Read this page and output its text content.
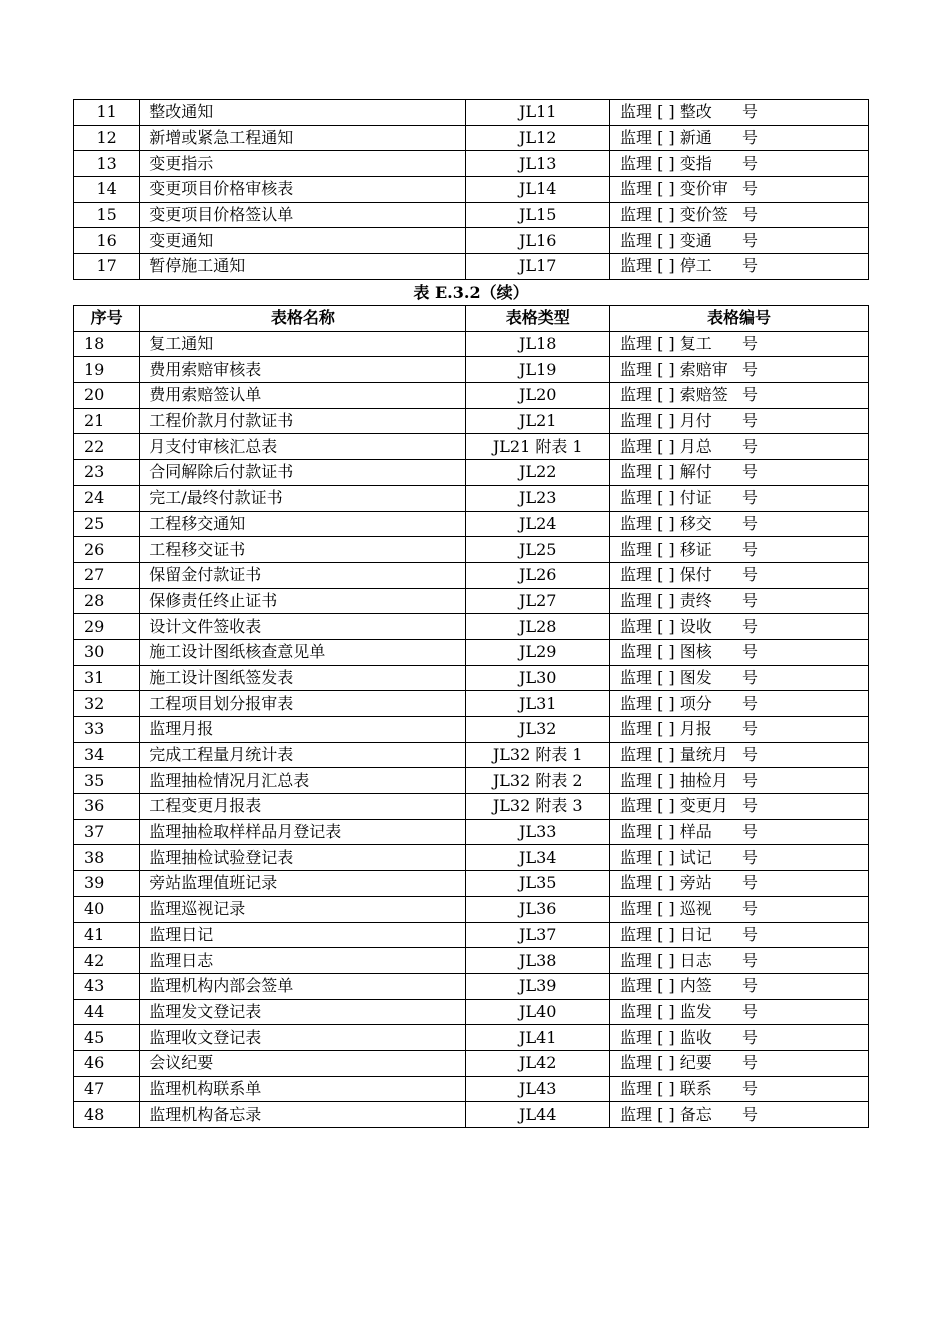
11	整改通知	JL11	监理 [ ] 整改 号
12	新增或紧急工程通知	JL12	监理 [ ] 新通 号
13	变更指示	JL13	监理 [ ] 变指 号
14	变更项目价格审核表	JL14	监理 [ ] 变价审 号
15	变更项目价格签认单	JL15	监理 [ ] 变价签 号
16	变更通知	JL16	监理 [ ] 变通 号
17	暂停施工通知	JL17	监理 [ ] 停工 号
表 E.3.2（续）
序号	表格名称	表格类型	表格编号
18	复工通知	JL18	监理 [ ] 复工 号
19	费用索赔审核表	JL19	监理 [ ] 索赔审 号
20	费用索赔签认单	JL20	监理 [ ] 索赔签 号
21	工程价款月付款证书	JL21	监理 [ ] 月付 号
22	月支付审核汇总表	JL21 附表 1	监理 [ ] 月总 号
23	合同解除后付款证书	JL22	监理 [ ] 解付 号
24	完工/最终付款证书	JL23	监理 [ ] 付证 号
25	工程移交通知	JL24	监理 [ ] 移交 号
26	工程移交证书	JL25	监理 [ ] 移证 号
27	保留金付款证书	JL26	监理 [ ] 保付 号
28	保修责任终止证书	JL27	监理 [ ] 责终 号
29	设计文件签收表	JL28	监理 [ ] 设收 号
30	施工设计图纸核查意见单	JL29	监理 [ ] 图核 号
31	施工设计图纸签发表	JL30	监理 [ ] 图发 号
32	工程项目划分报审表	JL31	监理 [ ] 项分 号
33	监理月报	JL32	监理 [ ] 月报 号
34	完成工程量月统计表	JL32 附表 1	监理 [ ] 量统月 号
35	监理抽检情况月汇总表	JL32 附表 2	监理 [ ] 抽检月 号
36	工程变更月报表	JL32 附表 3	监理 [ ] 变更月 号
37	监理抽检取样样品月登记表	JL33	监理 [ ] 样品 号
38	监理抽检试验登记表	JL34	监理 [ ] 试记 号
39	旁站监理值班记录	JL35	监理 [ ] 旁站 号
40	监理巡视记录	JL36	监理 [ ] 巡视 号
41	监理日记	JL37	监理 [ ] 日记 号
42	监理日志	JL38	监理 [ ] 日志 号
43	监理机构内部会签单	JL39	监理 [ ] 内签 号
44	监理发文登记表	JL40	监理 [ ] 监发 号
45	监理收文登记表	JL41	监理 [ ] 监收 号
46	会议纪要	JL42	监理 [ ] 纪要 号
47	监理机构联系单	JL43	监理 [ ] 联系 号
48	监理机构备忘录	JL44	监理 [ ] 备忘 号
